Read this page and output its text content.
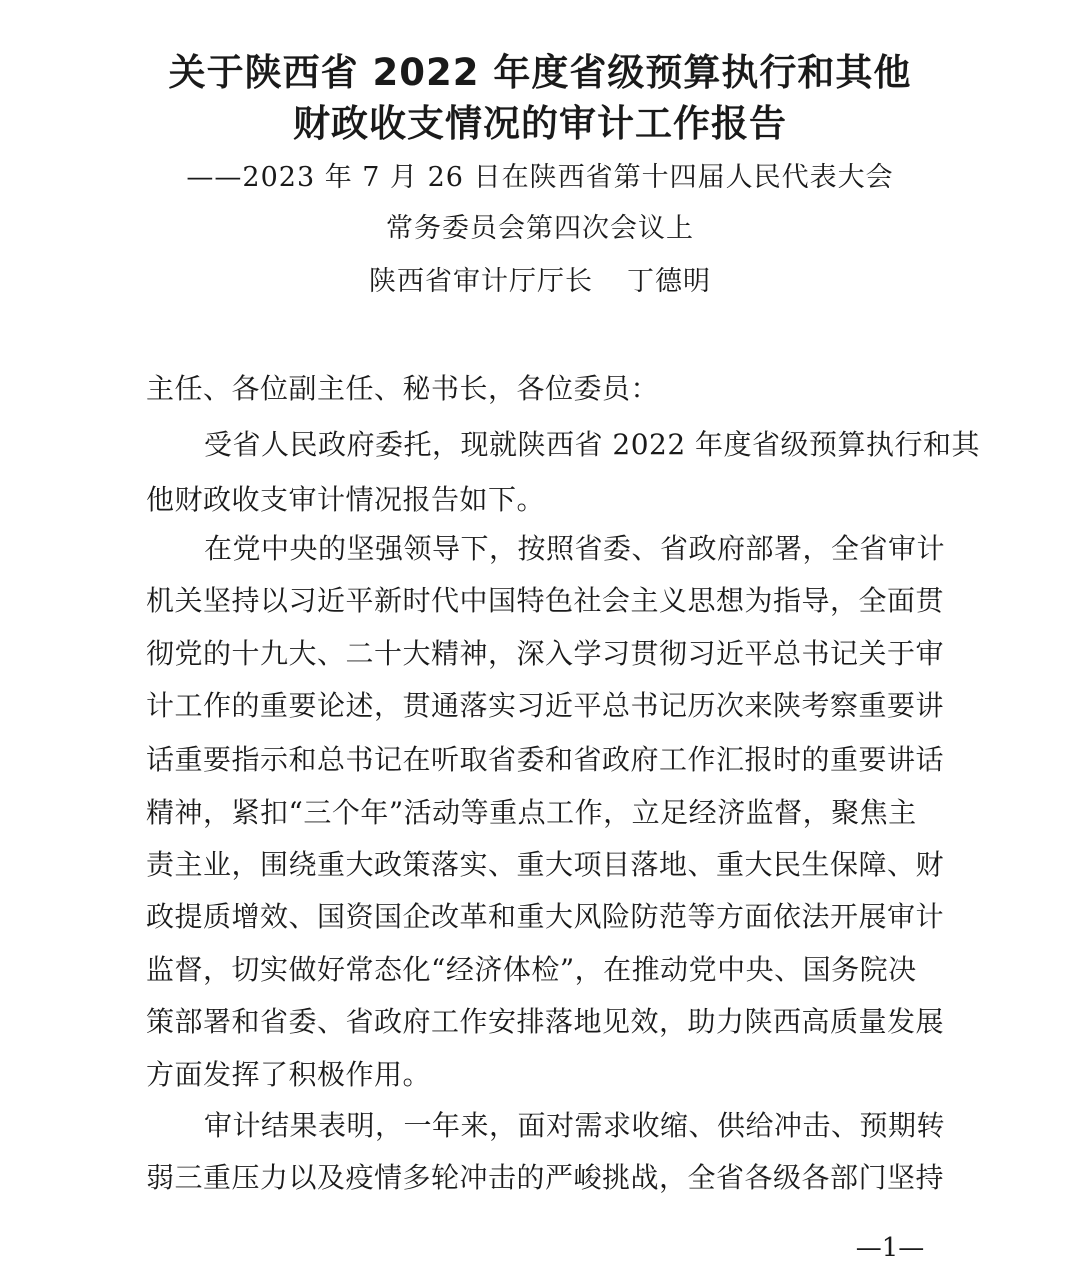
关于陕西省 2022 年度省级预算执行和其他
财政收支情况的审计工作报告
——2023 年 7 月 26 日在陕西省第十四届人民代表大会
常务委员会第四次会议上
陕西省审计厅厅长 丁德明
主任、各位副主任、秘书长，各位委员：
受省人民政府委托，现就陕西省 2022 年度省级预算执行和其
他财政收支审计情况报告如下。
在党中央的坚强领导下，按照省委、省政府部署，全省审计
机关坚持以习近平新时代中国特色社会主义思想为指导，全面贯
彻党的十九大、二十大精神，深入学习贯彻习近平总书记关于审
计工作的重要论述，贯通落实习近平总书记历次来陕考察重要讲
话重要指示和总书记在听取省委和省政府工作汇报时的重要讲话
精神，紧扣“三个年”活动等重点工作，立足经济监督，聚焦主
责主业，围绕重大政策落实、重大项目落地、重大民生保障、财
政提质增效、国资国企改革和重大风险防范等方面依法开展审计
监督，切实做好常态化“经济体检”，在推动党中央、国务院决
策部署和省委、省政府工作安排落地见效，助力陕西高质量发展
方面发挥了积极作用。
审计结果表明，一年来，面对需求收缩、供给冲击、预期转
弱三重压力以及疫情多轮冲击的严峻挑战，全省各级各部门坚持
—1—
